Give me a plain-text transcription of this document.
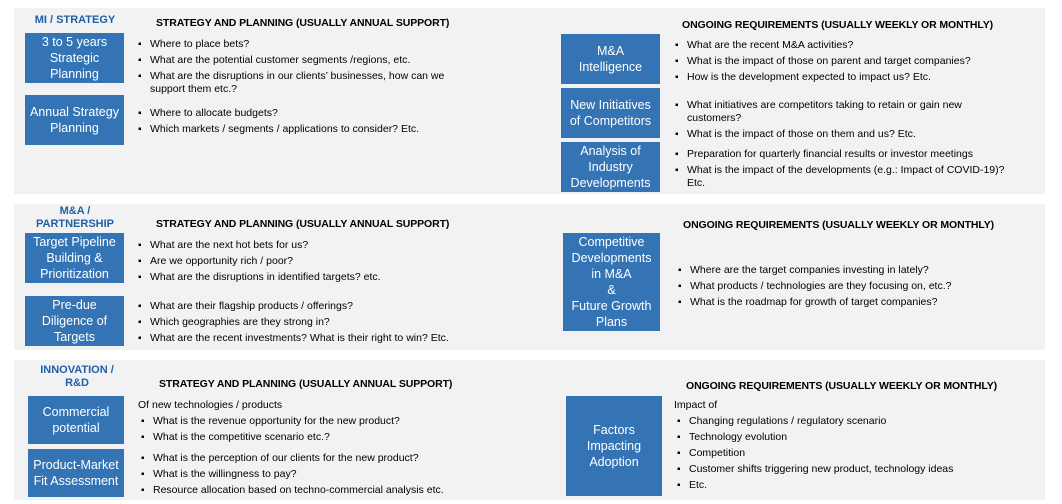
MI / STRATEGY	STRATEGY AND PLANNING (USUALLY ANNUAL SUPPORT)	ONGOING REQUIREMENTS (USUALLY WEEKLY OR MONTHLY)
3 to 5 years
Strategic
Planning
▪ Where to place bets?
▪ What are the potential customer segments /regions, etc.
▪ What are the disruptions in our clients’ businesses, how can we support them etc.?
Annual Strategy
Planning
▪ Where to allocate budgets?
▪ Which markets / segments / applications to consider? Etc.
M&A
Intelligence
▪ What are the recent M&A activities?
▪ What is the impact of those on parent and target companies?
▪ How is the development expected to impact us? Etc.
New Initiatives
of Competitors
▪ What initiatives are competitors taking to retain or gain new customers?
▪ What is the impact of those on them and us? Etc.
Analysis of
Industry
Developments
▪ Preparation for quarterly financial results or investor meetings
▪ What is the impact of the developments (e.g.: Impact of COVID-19)? Etc.
M&A /
PARTNERSHIP	STRATEGY AND PLANNING (USUALLY ANNUAL SUPPORT)	ONGOING REQUIREMENTS (USUALLY WEEKLY OR MONTHLY)
Target Pipeline
Building &
Prioritization
▪ What are the next hot bets for us?
▪ Are we opportunity rich / poor?
▪ What are the disruptions in identified targets? etc.
Pre-due
Diligence of
Targets
▪ What are their flagship products / offerings?
▪ Which geographies are they strong in?
▪ What are the recent investments? What is their right to win? Etc.
Competitive
Developments
in M&A
&
Future Growth
Plans
▪ Where are the target companies investing in lately?
▪ What products / technologies are they focusing on, etc.?
▪ What is the roadmap for growth of target companies?
INNOVATION /
R&D	STRATEGY AND PLANNING (USUALLY ANNUAL SUPPORT)	ONGOING REQUIREMENTS (USUALLY WEEKLY OR MONTHLY)
Of new technologies / products
Commercial
potential
▪	What is the revenue opportunity for the new product?
▪ What is the competitive scenario etc.?
Product-Market
Fit Assessment
▪ What is the perception of our clients for the new product?
▪ What is the willingness to pay?
▪ Resource allocation based on techno-commercial analysis etc.
Impact of
Factors
Impacting
Adoption
▪ Changing regulations / regulatory scenario
▪ Technology evolution
▪ Competition
▪ Customer shifts triggering new product, technology ideas
▪ Etc.
